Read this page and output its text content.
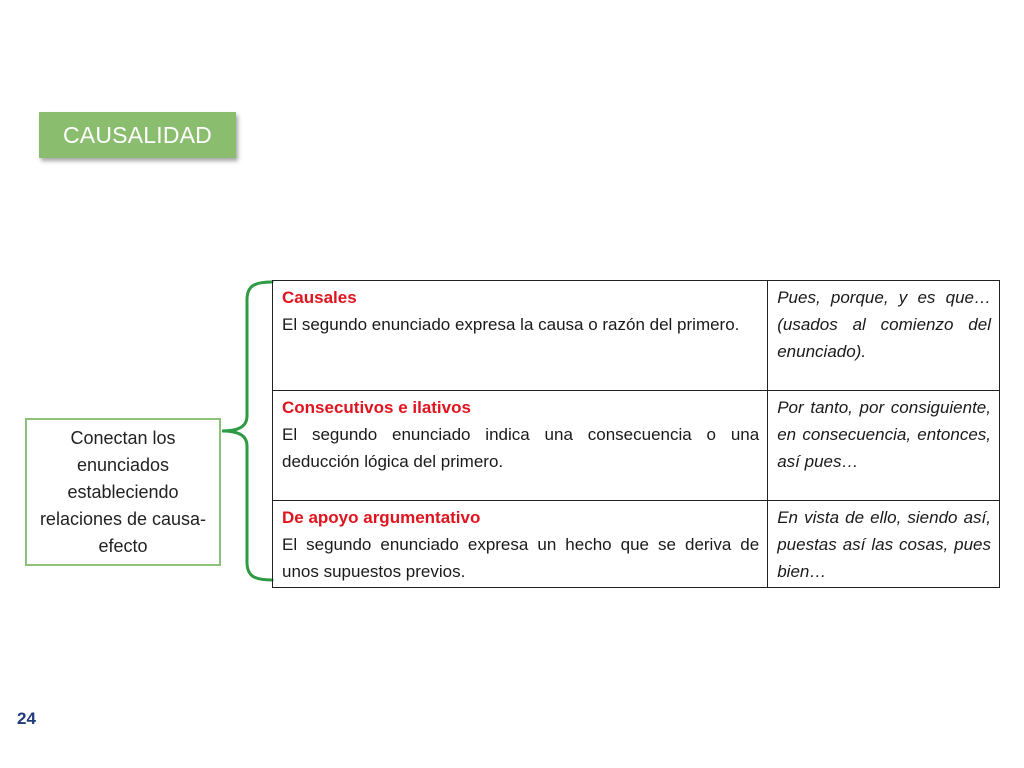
CAUSALIDAD
Conectan los enunciados estableciendo relaciones de causa-efecto
Causales
El segundo enunciado expresa la causa o razón del primero.	Pues, porque, y es que… (usados al comienzo del enunciado).

Consecutivos e ilativos
El segundo enunciado indica una consecuencia o una deducción lógica del primero.	Por tanto, por consiguiente, en consecuencia, entonces, así pues…

De apoyo argumentativo
El segundo enunciado expresa un hecho que se deriva de unos supuestos previos.	En vista de ello, siendo así, puestas así las cosas, pues bien…
24
